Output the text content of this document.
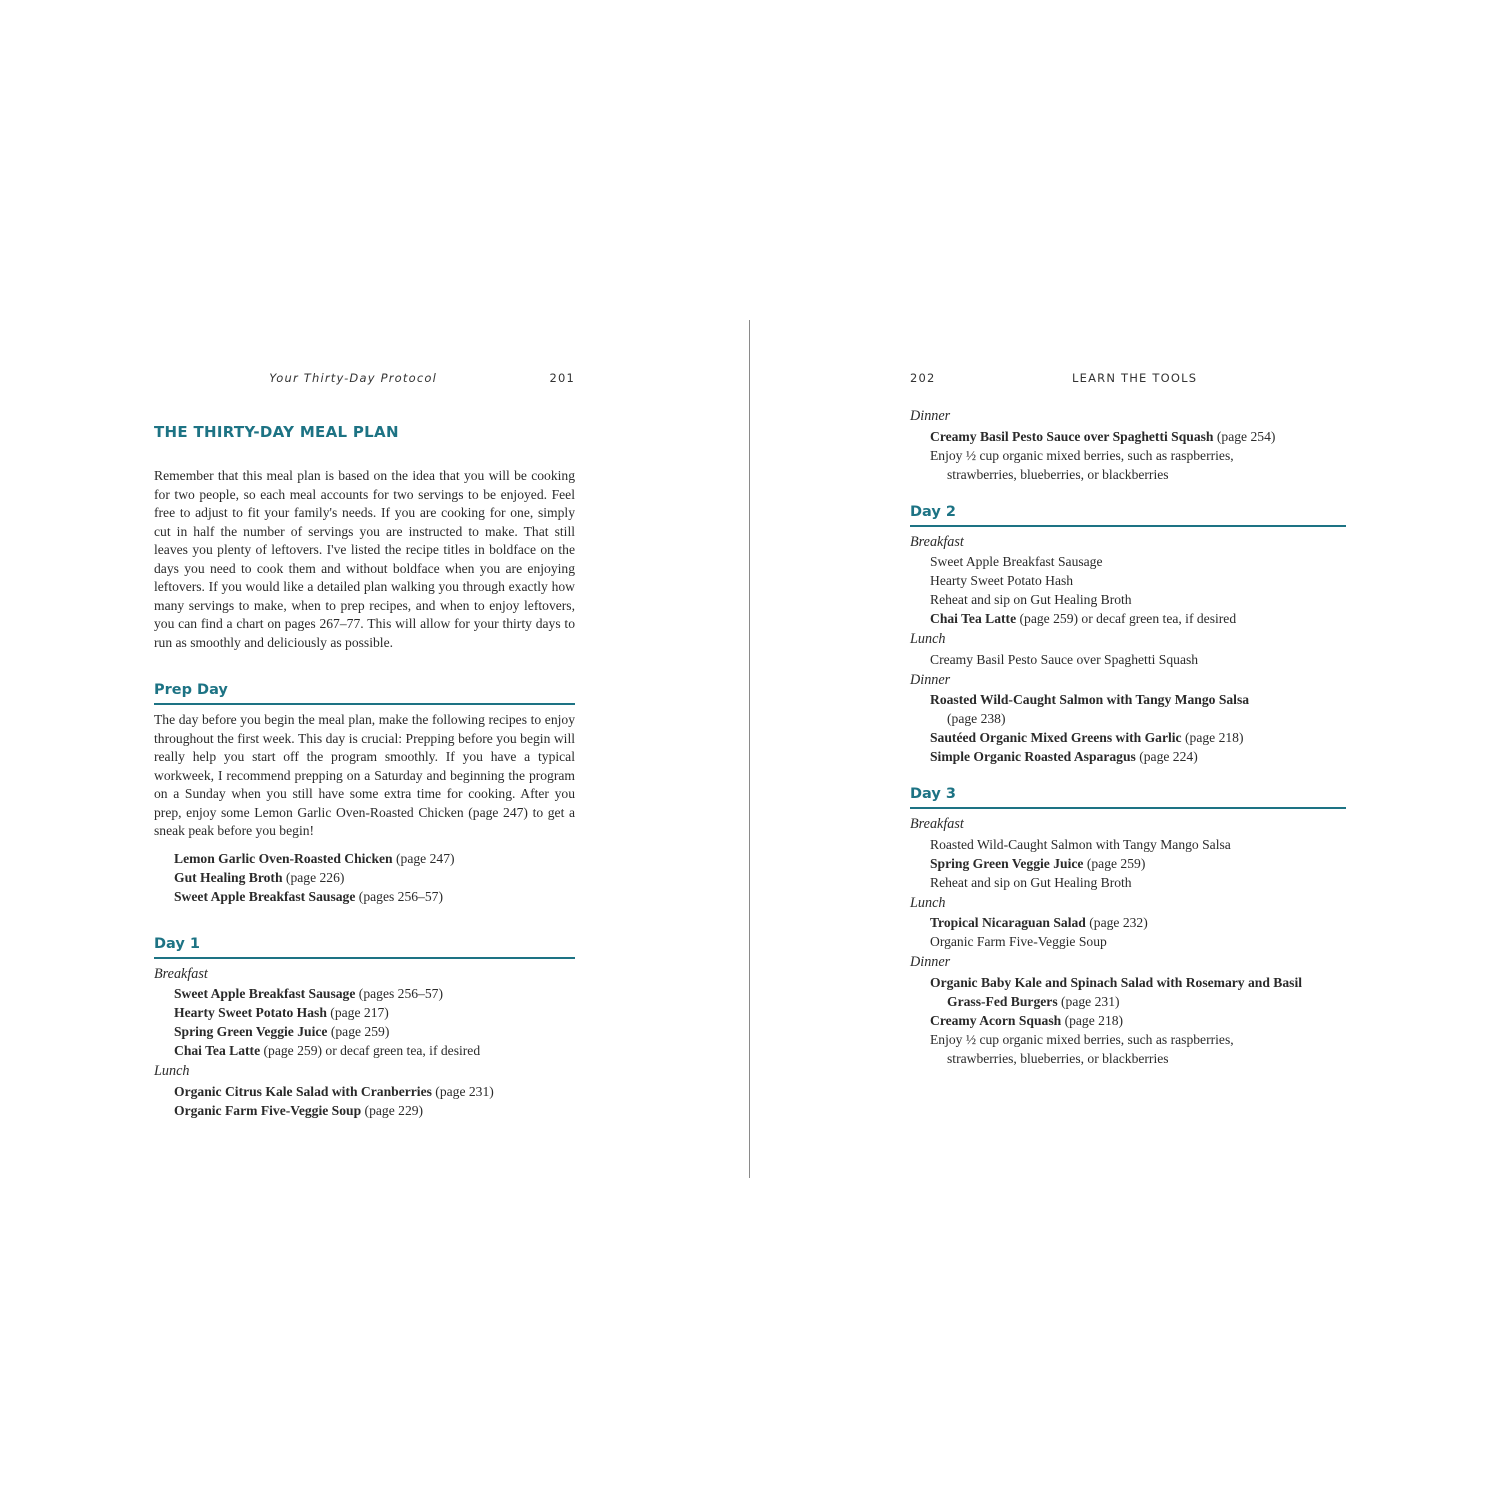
Your Thirty-Day Protocol	201
THE THIRTY-DAY MEAL PLAN

Remember that this meal plan is based on the idea that you will be cooking for two people, so each meal accounts for two servings to be enjoyed. Feel free to adjust to fit your family's needs. If you are cooking for one, simply cut in half the number of servings you are instructed to make. That still leaves you plenty of leftovers. I've listed the recipe titles in boldface on the days you need to cook them and without boldface when you are enjoying leftovers. If you would like a detailed plan walking you through exactly how many servings to make, when to prep recipes, and when to enjoy leftovers, you can find a chart on pages 267–77. This will allow for your thirty days to run as smoothly and deliciously as possible.

Prep Day

The day before you begin the meal plan, make the following recipes to enjoy throughout the first week. This day is crucial: Prepping before you begin will really help you start off the program smoothly. If you have a typical workweek, I recommend prepping on a Saturday and beginning the program on a Sunday when you still have some extra time for cooking. After you prep, enjoy some Lemon Garlic Oven-Roasted Chicken (page 247) to get a sneak peak before you begin!

Lemon Garlic Oven-Roasted Chicken (page 247)
Gut Healing Broth (page 226)
Sweet Apple Breakfast Sausage (pages 256–57)
Day 1
Breakfast
Sweet Apple Breakfast Sausage (pages 256–57)
Hearty Sweet Potato Hash (page 217)
Spring Green Veggie Juice (page 259)
Chai Tea Latte (page 259) or decaf green tea, if desired
Lunch
Organic Citrus Kale Salad with Cranberries (page 231)
Organic Farm Five-Veggie Soup (page 229)
202	LEARN THE TOOLS
Dinner
Creamy Basil Pesto Sauce over Spaghetti Squash (page 254)
Enjoy ½ cup organic mixed berries, such as raspberries,
strawberries, blueberries, or blackberries
Day 2
Breakfast
Sweet Apple Breakfast Sausage
Hearty Sweet Potato Hash
Reheat and sip on Gut Healing Broth
Chai Tea Latte (page 259) or decaf green tea, if desired
Lunch
Creamy Basil Pesto Sauce over Spaghetti Squash
Dinner
Roasted Wild-Caught Salmon with Tangy Mango Salsa
(page 238)
Sautéed Organic Mixed Greens with Garlic (page 218)
Simple Organic Roasted Asparagus (page 224)
Day 3
Breakfast
Roasted Wild-Caught Salmon with Tangy Mango Salsa
Spring Green Veggie Juice (page 259)
Reheat and sip on Gut Healing Broth
Lunch
Tropical Nicaraguan Salad (page 232)
Organic Farm Five-Veggie Soup
Dinner
Organic Baby Kale and Spinach Salad with Rosemary and Basil
Grass-Fed Burgers (page 231)
Creamy Acorn Squash (page 218)
Enjoy ½ cup organic mixed berries, such as raspberries,
strawberries, blueberries, or blackberries
